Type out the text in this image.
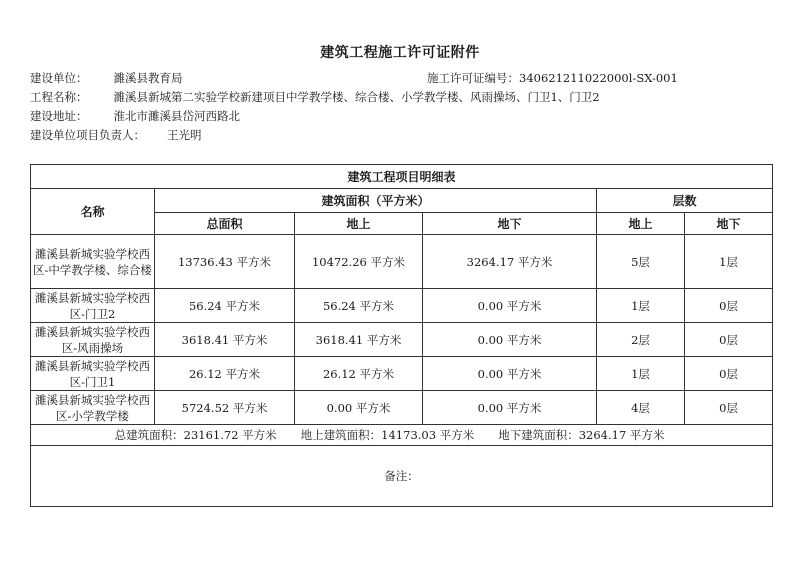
建筑工程施工许可证附件
建设单位： 濉溪县教育局	施工许可证编号：340621211022000l-SX-001
工程名称： 濉溪县新城第二实验学校新建项目中学教学楼、综合楼、小学教学楼、风雨操场、门卫1、门卫2
建设地址： 淮北市濉溪县岱河西路北
建设单位项目负责人： 王光明
建筑工程项目明细表					
名称	建筑面积（平方米）			层数	
	总面积	地上	地下	地上	地下
濉溪县新城实验学校西区-中学教学楼、综合楼	13736.43 平方米	10472.26 平方米	3264.17 平方米	5层	1层
濉溪县新城实验学校西区-门卫2	56.24 平方米	56.24 平方米	0.00 平方米	1层	0层
濉溪县新城实验学校西区-风雨操场	3618.41 平方米	3618.41 平方米	0.00 平方米	2层	0层
濉溪县新城实验学校西区-门卫1	26.12 平方米	26.12 平方米	0.00 平方米	1层	0层
濉溪县新城实验学校西区-小学教学楼	5724.52 平方米	0.00 平方米	0.00 平方米	4层	0层
总建筑面积：23161.72 平方米 地上建筑面积：14173.03 平方米 地下建筑面积：3264.17 平方米					
备注：					
